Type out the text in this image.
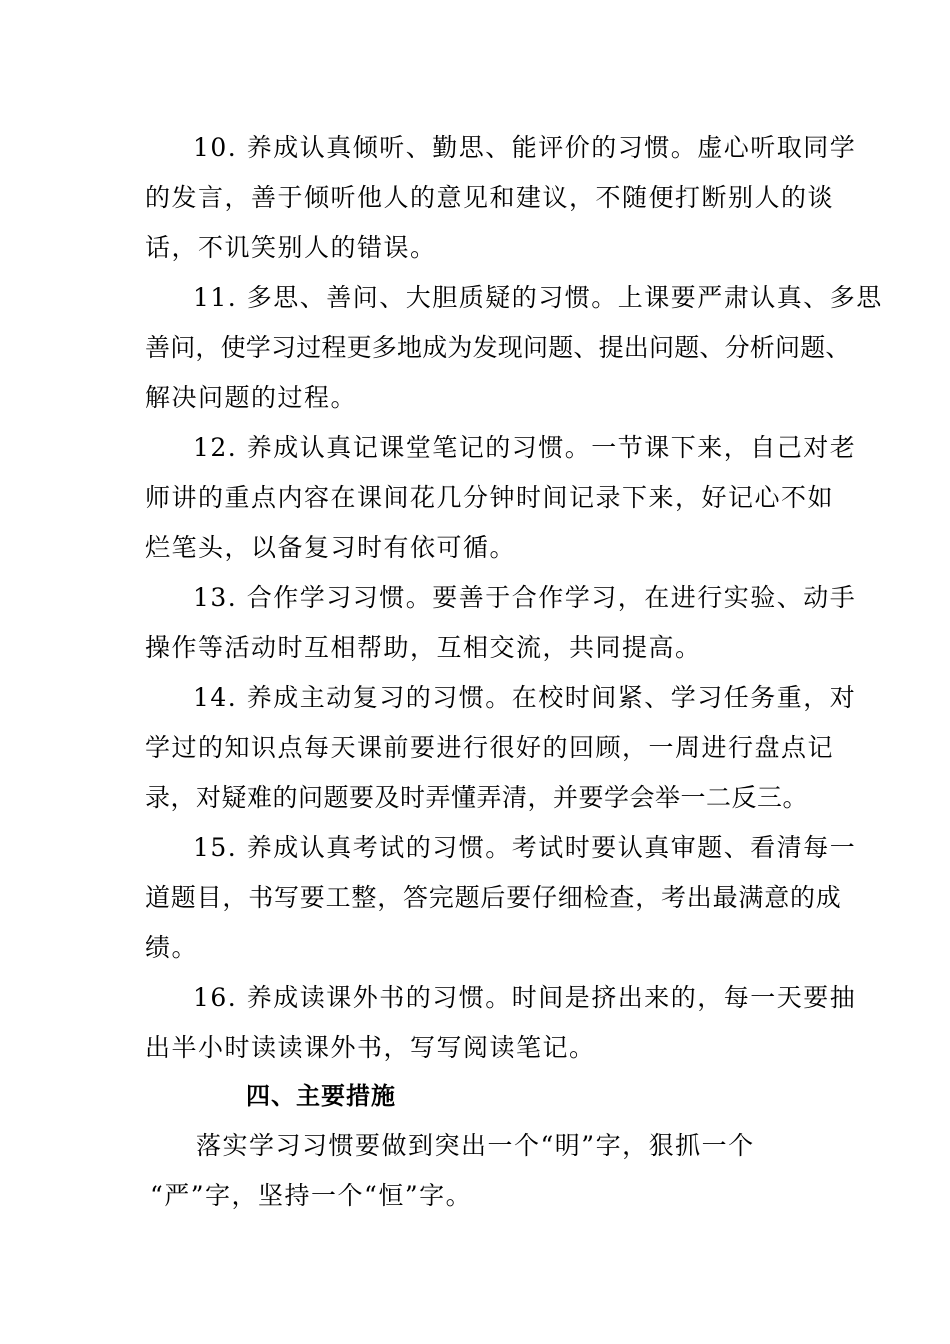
10. 养成认真倾听、勤思、能评价的习惯。虚心听取同学
的发言，善于倾听他人的意见和建议，不随便打断别人的谈
话，不讥笑别人的错误。
11. 多思、善问、大胆质疑的习惯。上课要严肃认真、多思
善问，使学习过程更多地成为发现问题、提出问题、分析问题、
解决问题的过程。
12. 养成认真记课堂笔记的习惯。一节课下来，自己对老
师讲的重点内容在课间花几分钟时间记录下来，好记心不如
烂笔头，以备复习时有依可循。
13. 合作学习习惯。要善于合作学习，在进行实验、动手
操作等活动时互相帮助，互相交流，共同提高。
14. 养成主动复习的习惯。在校时间紧、学习任务重，对
学过的知识点每天课前要进行很好的回顾，一周进行盘点记
录，对疑难的问题要及时弄懂弄清，并要学会举一二反三。
15. 养成认真考试的习惯。考试时要认真审题、看清每一
道题目，书写要工整，答完题后要仔细检查，考出最满意的成
绩。
16. 养成读课外书的习惯。时间是挤出来的，每一天要抽
出半小时读读课外书，写写阅读笔记。
四、主要措施
落实学习习惯要做到突出一个“明”字，狠抓一个
“严”字，坚持一个“恒”字。
